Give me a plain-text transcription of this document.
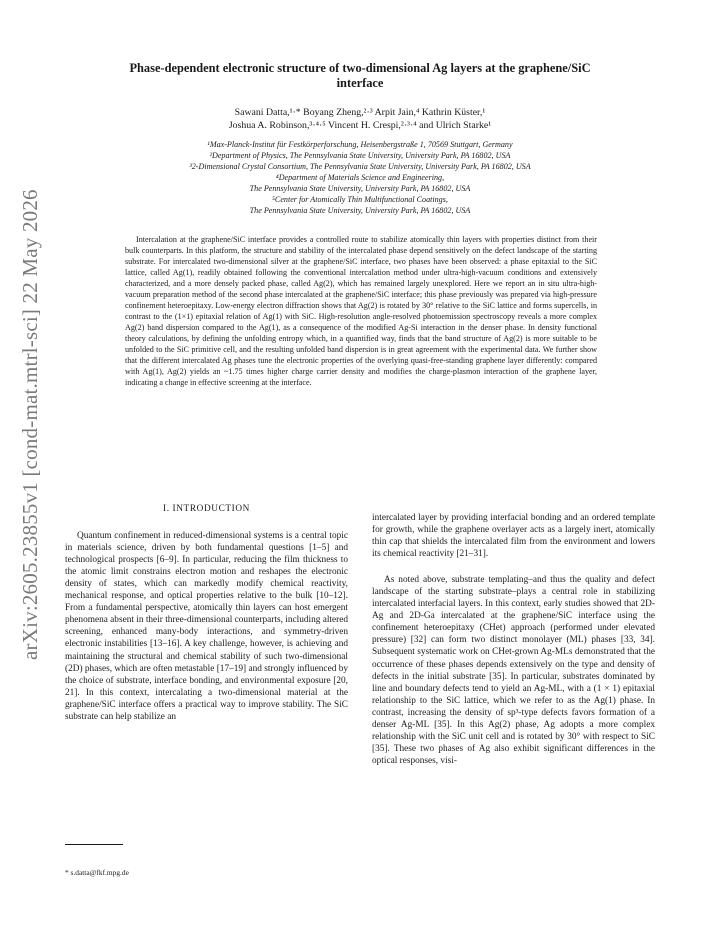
arXiv:2605.23855v1 [cond-mat.mtrl-sci] 22 May 2026
Phase-dependent electronic structure of two-dimensional Ag layers at the graphene/SiC
interface
Sawani Datta,¹·* Boyang Zheng,²·³ Arpit Jain,⁴ Kathrin Küster,¹
Joshua A. Robinson,³·⁴·⁵ Vincent H. Crespi,²·³·⁴ and Ulrich Starke¹
¹Max-Planck-Institut für Festkörperforschung, Heisenbergstraße 1, 70569 Stuttgart, Germany
²Department of Physics, The Pennsylvania State University, University Park, PA 16802, USA
³2-Dimensional Crystal Consortium, The Pennsylvania State University, University Park, PA 16802, USA
⁴Department of Materials Science and Engineering,
The Pennsylvania State University, University Park, PA 16802, USA
⁵Center for Atomically Thin Multifunctional Coatings,
The Pennsylvania State University, University Park, PA 16802, USA

Intercalation at the graphene/SiC interface provides a controlled route to stabilize atomically thin layers with properties distinct from their bulk counterparts. In this platform, the structure and stability of the intercalated phase depend sensitively on the defect landscape of the starting substrate. For intercalated two-dimensional silver at the graphene/SiC interface, two phases have been observed: a phase epitaxial to the SiC lattice, called Ag(1), readily obtained following the conventional intercalation method under ultra-high-vacuum conditions and extensively characterized, and a more densely packed phase, called Ag(2), which has remained largely unexplored. Here we report an in situ ultra-high-vacuum preparation method of the second phase intercalated at the graphene/SiC interface; this phase previously was prepared via high-pressure confinement heteroepitaxy. Low-energy electron diffraction shows that Ag(2) is rotated by 30° relative to the SiC lattice and forms supercells, in contrast to the (1×1) epitaxial relation of Ag(1) with SiC. High-resolution angle-resolved photoemission spectroscopy reveals a more complex Ag(2) band dispersion compared to the Ag(1), as a consequence of the modified Ag-Si interaction in the denser phase. In density functional theory calculations, by defining the unfolding entropy which, in a quantified way, finds that the band structure of Ag(2) is more suitable to be unfolded to the SiC primitive cell, and the resulting unfolded band dispersion is in great agreement with the experimental data. We further show that the different intercalated Ag phases tune the electronic properties of the overlying quasi-free-standing graphene layer differently: compared with Ag(1), Ag(2) yields an ~1.75 times higher charge carrier density and modifies the charge-plasmon interaction of the graphene layer, indicating a change in effective screening at the interface.

I. INTRODUCTION

Quantum confinement in reduced-dimensional systems is a central topic in materials science, driven by both fundamental questions [1–5] and technological prospects [6–9]. In particular, reducing the film thickness to the atomic limit constrains electron motion and reshapes the electronic density of states, which can markedly modify chemical reactivity, mechanical response, and optical properties relative to the bulk [10–12]. From a fundamental perspective, atomically thin layers can host emergent phenomena absent in their three-dimensional counterparts, including altered screening, enhanced many-body interactions, and symmetry-driven electronic instabilities [13–16]. A key challenge, however, is achieving and maintaining the structural and chemical stability of such two-dimensional (2D) phases, which are often metastable [17–19] and strongly influenced by the choice of substrate, interface bonding, and environmental exposure [20, 21]. In this context, intercalating a two-dimensional material at the graphene/SiC interface offers a practical way to improve stability. The SiC substrate can help stabilize an

intercalated layer by providing interfacial bonding and an ordered template for growth, while the graphene overlayer acts as a largely inert, atomically thin cap that shields the intercalated film from the environment and lowers its chemical reactivity [21–31].

As noted above, substrate templating–and thus the quality and defect landscape of the starting substrate–plays a central role in stabilizing intercalated interfacial layers. In this context, early studies showed that 2D-Ag and 2D-Ga intercalated at the graphene/SiC interface using the confinement heteroepitaxy (CHet) approach (performed under elevated pressure) [32] can form two distinct monolayer (ML) phases [33, 34]. Subsequent systematic work on CHet-grown Ag-MLs demonstrated that the occurrence of these phases depends extensively on the type and density of defects in the initial substrate [35]. In particular, substrates dominated by line and boundary defects tend to yield an Ag-ML, with a (1 × 1) epitaxial relationship to the SiC lattice, which we refer to as the Ag(1) phase. In contrast, increasing the density of sp³-type defects favors formation of a denser Ag-ML [35]. In this Ag(2) phase, Ag adopts a more complex relationship with the SiC unit cell and is rotated by 30° with respect to SiC [35]. These two phases of Ag also exhibit significant differences in the optical responses, visi-

* s.datta@fkf.mpg.de
